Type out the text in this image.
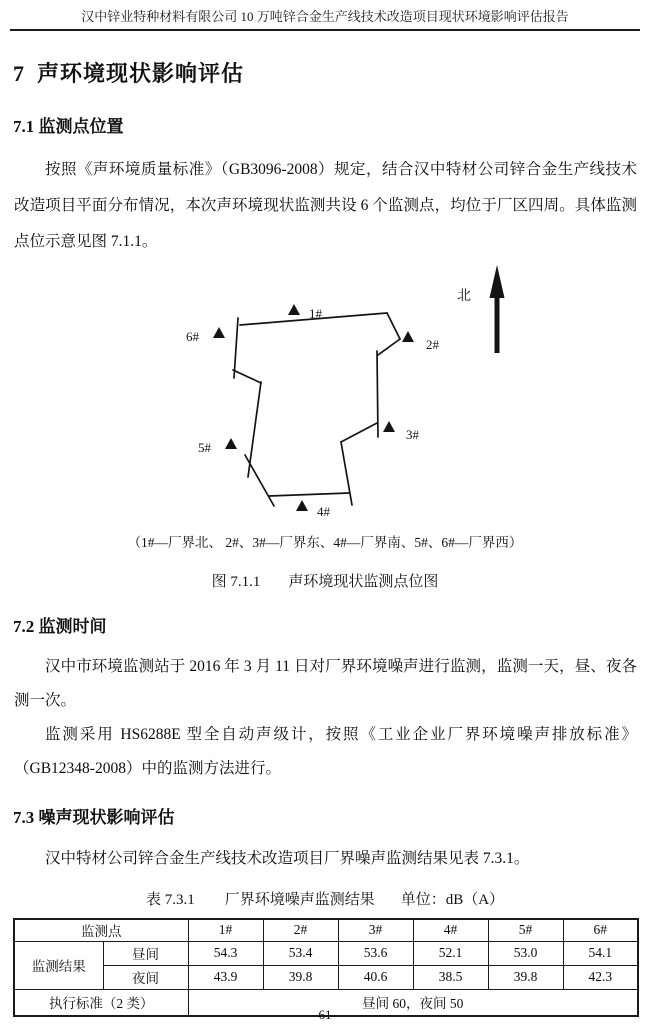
汉中锌业特种材料有限公司 10 万吨锌合金生产线技术改造项目现状环境影响评估报告
7 声环境现状影响评估
7.1 监测点位置

按照《声环境质量标准》（GB3096-2008）规定，结合汉中特材公司锌合金生产线技术改造项目平面分布情况，本次声环境现状监测共设 6 个监测点，均位于厂区四周。具体监测点位示意见图 7.1.1。

1#
2#
3#
4#
5#
6#
北
（1#—厂界北、 2#、3#—厂界东、4#—厂界南、5#、6#—厂界西）
图 7.1.1 声环境现状监测点位图
7.2 监测时间

汉中市环境监测站于 2016 年 3 月 11 日对厂界环境噪声进行监测，监测一天，昼、夜各测一次。

监测采用 HS6288E 型全自动声级计，按照《工业企业厂界环境噪声排放标准》（GB12348-2008）中的监测方法进行。

7.3 噪声现状影响评估

汉中特材公司锌合金生产线技术改造项目厂界噪声监测结果见表 7.3.1。

表 7.3.1 厂界环境噪声监测结果 单位：dB（A）
监测点		1#	2#	3#	4#	5#	6#
监测结果	昼间	54.3	53.4	53.6	52.1	53.0	54.1
	夜间	43.9	39.8	40.6	38.5	39.8	42.3
执行标准（2 类）		昼间 60，夜间 50					
61
